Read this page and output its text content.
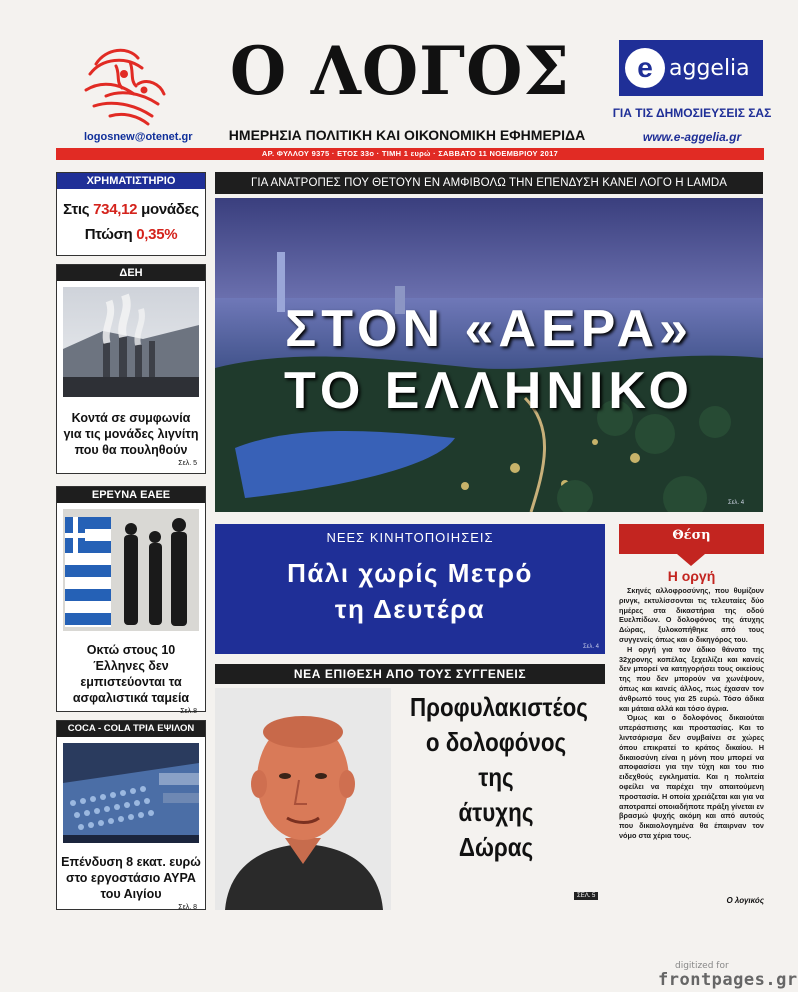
Ο ΛΟΓΟΣ
ΗΜΕΡΗΣΙΑ ΠΟΛΙΤΙΚΗ ΚΑΙ ΟΙΚΟΝΟΜΙΚΗ ΕΦΗΜΕΡΙΔΑ
logosnew@otenet.gr
e aggelia
ΓΙΑ ΤΙΣ ΔΗΜΟΣΙΕΥΣΕΙΣ ΣΑΣ
www.e-aggelia.gr
ΑΡ. ΦΥΛΛΟΥ 9375 · ΕΤΟΣ 33ο · ΤΙΜΗ 1 ευρώ · ΣΑΒΒΑΤΟ 11 ΝΟΕΜΒΡΙΟΥ 2017
ΧΡΗΜΑΤΙΣΤΗΡΙΟ
Στις 734,12 μονάδες
Πτώση 0,35%
ΔΕΗ
Κοντά σε συμφωνία για τις μονάδες λιγνίτη που θα πουληθούν
Σελ. 5
ΕΡΕΥΝΑ ΕΑΕΕ
Οκτώ στους 10 Έλληνες δεν εμπιστεύονται τα ασφαλιστικά ταμεία
Σελ.8
COCA - COLA ΤΡΙΑ ΕΨΙΛΟΝ
Επένδυση 8 εκατ. ευρώ στο εργοστάσιο ΑΥΡΑ του Αιγίου
Σελ. 8
ΓΙΑ ΑΝΑΤΡΟΠΕΣ ΠΟΥ ΘΕΤΟΥΝ ΕΝ ΑΜΦΙΒΟΛΩ ΤΗΝ ΕΠΕΝΔΥΣΗ ΚΑΝΕΙ ΛΟΓΟ Η LAMDA
ΣΤΟΝ «ΑΕΡΑ»
ΤΟ ΕΛΛΗΝΙΚΟ
Σελ. 4
ΝΕΕΣ ΚΙΝΗΤΟΠΟΙΗΣΕΙΣ
Πάλι χωρίς Μετρό
τη Δευτέρα
Σελ. 4
ΝΕΑ ΕΠΙΘΕΣΗ ΑΠΟ ΤΟΥΣ ΣΥΓΓΕΝΕΙΣ
Προφυλακιστέος
ο δολοφόνος
της
άτυχης
Δώρας
ΣΕΛ. 5
Θέση
Η οργή

Σκηνές αλλοφροσύνης, που θυμίζουν ρινγκ, εκτυλίσσονται τις τελευταίες δύο ημέρες στα δικαστήρια της οδού Ευελπίδων. Ο δολοφόνος της άτυχης Δώρας, ξυλοκοπήθηκε από τους συγγενείς όπως και ο δικηγόρος του.

Η οργή για τον άδικο θάνατο της 32χρονης κοπέλας ξεχειλίζει και κανείς δεν μπορεί να κατηγορήσει τους οικείους της που δεν μπορούν να χωνέψουν, όπως και κανείς άλλος, πως έχασαν τον άνθρωπό τους για 25 ευρώ. Τόσο άδικα και μάταια αλλά και τόσο άγρια.

Όμως και ο δολοφόνος δικαιούται υπεράσπισης και προστασίας. Και το λιντσάρισμα δεν συμβαίνει σε χώρες όπου επικρατεί το κράτος δικαίου. Η δικαιοσύνη είναι η μόνη που μπορεί να αποφασίσει για την τύχη και του πιο ειδεχθούς εγκληματία. Και η πολιτεία οφείλει να παρέχει την απαιτούμενη προστασία. Η οποία χρειάζεται και για να αποτραπεί οποιαδήποτε πράξη γίνεται εν βρασμώ ψυχής ακόμη και από αυτούς που δικαιολογημένα θα έπαιρναν τον νόμο στα χέρια τους.

Ο λογικός
digitized for
frontpages.gr
